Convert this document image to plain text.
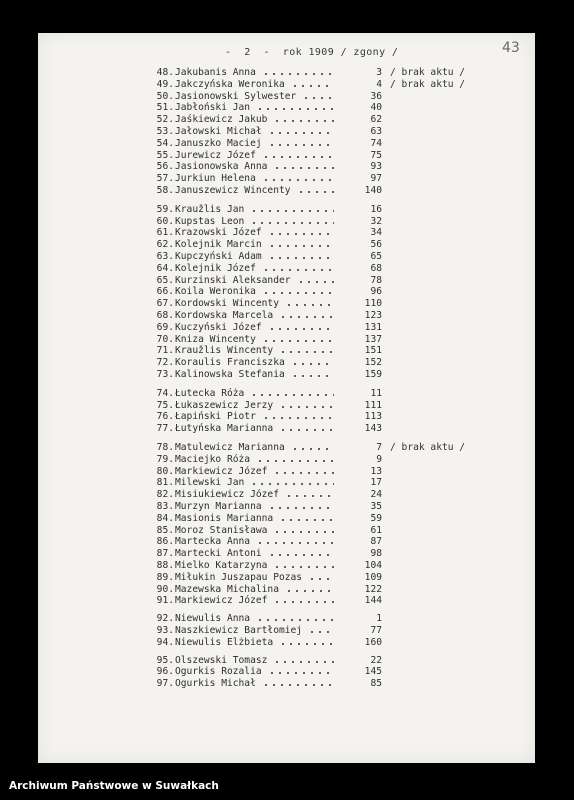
-  2  -  rok 1909 / zgony /	43
48. Jakubanis Anna	3 / brak aktu /
49. Jakczyńska Weronika	4 / brak aktu /
50. Jasionowski Sylwester	36
51. Jabłoński Jan	40
52. Jaśkiewicz Jakub	62
53. Jałowski Michał	63
54. Januszko Maciej	74
55. Jurewicz Józef	75
56. Jasionowska Anna	93
57. Jurkiun Helena	97
58. Januszewicz Wincenty	140
59. Kraužlis Jan	16
60. Kupstas Leon	32
61. Krazowski Józef	34
62. Kolejnik Marcin	56
63. Kupczyński Adam	65
64. Kolejnik Józef	68
65. Kurzinski Aleksander	78
66. Koila Weronika	96
67. Kordowski Wincenty	110
68. Kordowska Marcela	123
69. Kuczyński Józef	131
70. Kniza Wincenty	137
71. Kraužlis Wincenty	151
72. Koraulis Franciszka	152
73. Kalinowska Stefania	159
74. Łutecka Róża	11
75. Łukaszewicz Jerzy	111
76. Łapiński Piotr	113
77. Łutyńska Marianna	143
78. Matulewicz Marianna	7 / brak aktu /
79. Maciejko Róża	9
80. Markiewicz Józef	13
81. Milewski Jan	17
82. Misiukiewicz Józef	24
83. Murzyn Marianna	35
84. Masionis Marianna	59
85. Moroz Stanisława	61
86. Martecka Anna	87
87. Martecki Antoni	98
88. Mielko Katarzyna	104
89. Miłukin Juszapau Pozas	109
90. Mazewska Michalina	122
91. Markiewicz Józef	144
92. Niewulis Anna	1
93. Naszkiewicz Bartłomiej	77
94. Niewulis Elżbieta	160
95. Olszewski Tomasz	22
96. Ogurkis Rozalia	145
97. Ogurkis Michał	85
Archiwum Państwowe w Suwałkach
